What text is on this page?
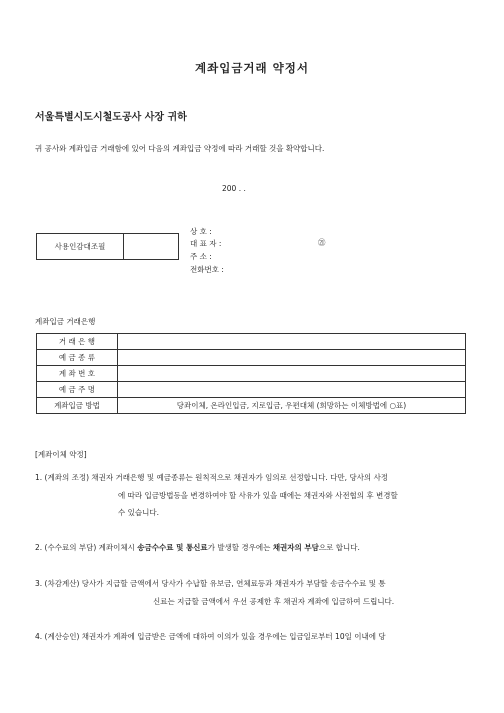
계좌입금거래 약정서
서울특별시도시철도공사 사장 귀하
귀 공사와 계좌입금 거래함에 있어 다음의 계좌입금 약정에 따라 거래할 것을 확약합니다.
200 . .
사용인감대조필
상 호 :
대 표 자 :	㉑
주 소 :
전화번호 :
계좌입금 거래은행
거 래 은 행	
예 금 종 류	
계 좌 번 호	
예 금 주 명	
계좌입금 방법	당좌이체, 온라인입금, 지로입금, 우편대체 (희망하는 이체방법에 ○표)
[계좌이체 약정]
1. (계좌의 조정) 채권자 거래은행 및 예금종류는 원칙적으로 채권자가 임의로 선정합니다. 다만, 당사의 사정
에 따라 입금방법등을 변경하여야 할 사유가 있을 때에는 채권자와 사전협의 후 변경할
수 있습니다.
2. (수수료의 부담) 계좌이체시 송금수수료 및 통신료가 발생할 경우에는 채권자의 부담으로 합니다.
3. (차감계산) 당사가 지급할 금액에서 당사가 수납할 유보금, 연체료등과 채권자가 부담할 송금수수료 및 통
신료는 지급할 금액에서 우선 공제한 후 채권자 계좌에 입금하여 드립니다.
4. (계산승인) 채권자가 계좌에 입금받은 금액에 대하여 이의가 있을 경우에는 입금일로부터 10일 이내에 당
